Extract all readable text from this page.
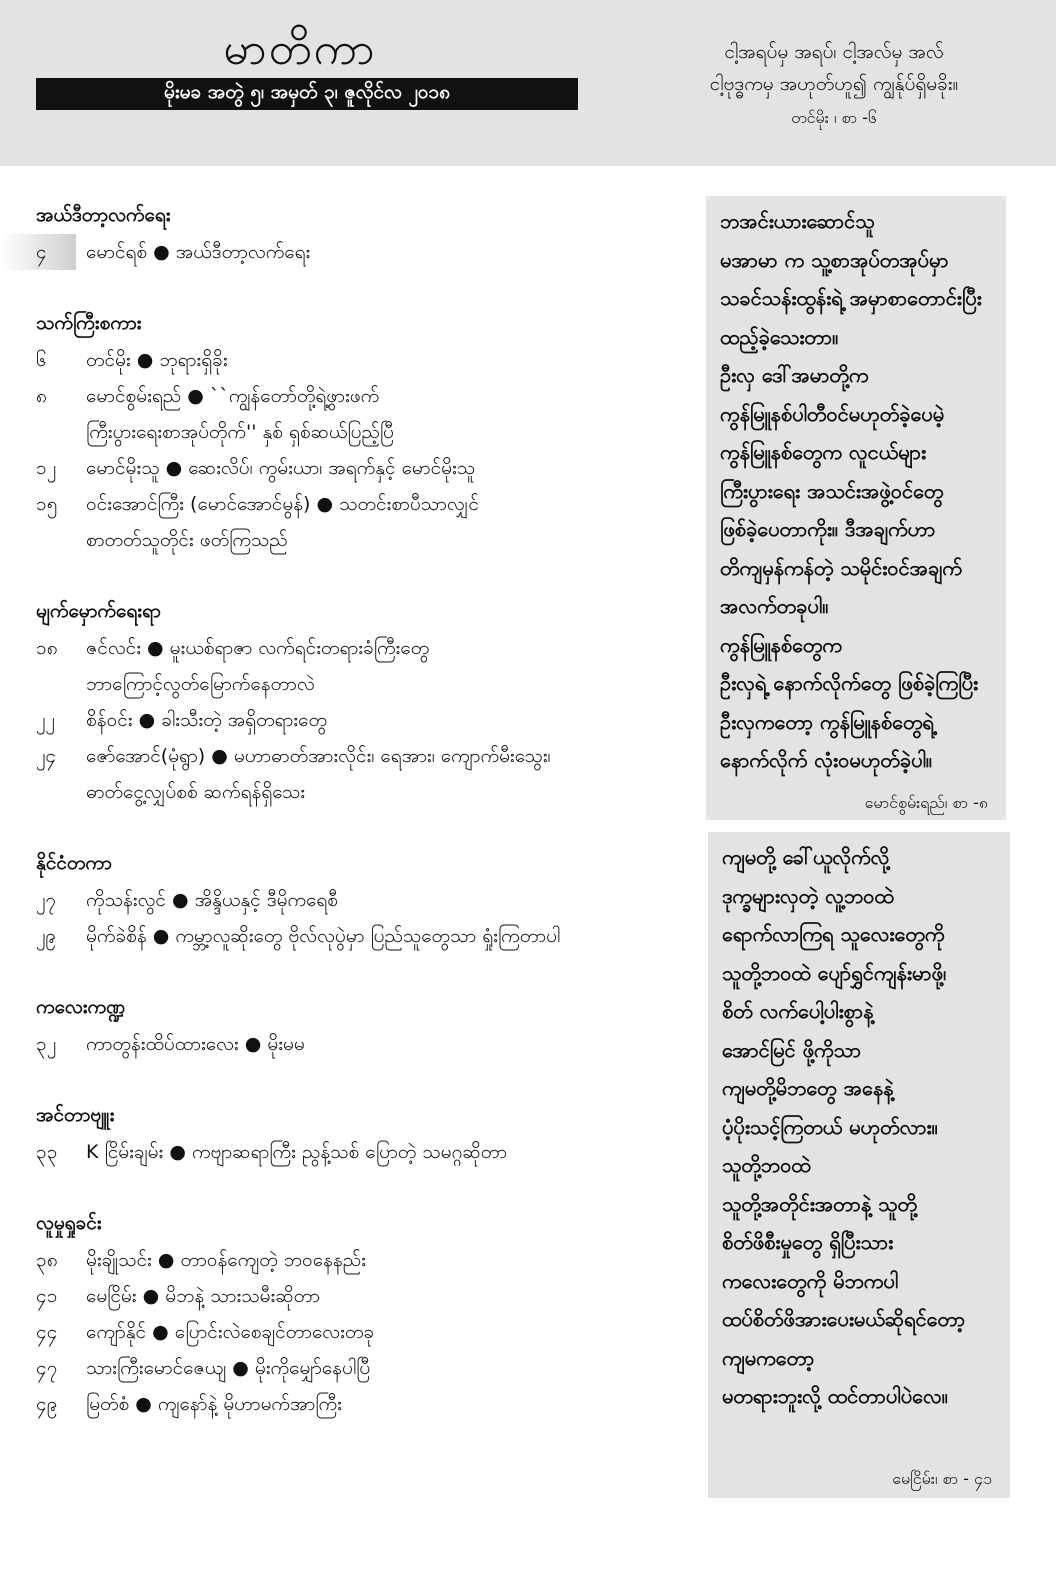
မာတိကာ
မိုးမခ အတွဲ ၅၊ အမှတ် ၃၊ ဇူလိုင်လ ၂၀၁၈
ငါ့အရပ်မှ အရပ်၊ ငါ့အလ်မှ အလ်
ငါ့ဗုဒ္ဓကမှ အဟုတ်ဟူ၍ ကျွန်ုပ်ရှိမခိုး။
တင်မိုး ၊ စာ -၆
အယ်ဒီတာ့လက်ရေး
၄	မောင်ရစ် ● အယ်ဒီတာ့လက်ရေး
သက်ကြီးစကား
၆	တင်မိုး ● ဘုရားရှိခိုး
၈	မောင်စွမ်းရည် ● ``ကျွန်တော်တို့ရဲ့ဖွားဖက်
ကြီးပွားရေးစာအုပ်တိုက်'' နှစ် ရှစ်ဆယ်ပြည့်ပြီ
၁၂	မောင်မိုးသူ ● ဆေးလိပ်၊ ကွမ်းယာ၊ အရက်နှင့် မောင်မိုးသူ
၁၅	ဝင်းအောင်ကြီး (မောင်အောင်မွန်) ● သတင်းစာပီသာလျှင်
စာတတ်သူတိုင်း ဖတ်ကြသည်
မျက်မှောက်ရေးရာ
၁၈	ဇင်လင်း ● မူးယစ်ရာဇာ လက်ရင်းတရားခံကြီးတွေ
ဘာကြောင့်လွတ်မြောက်နေတာလဲ
၂၂	စိန်ဝင်း ● ခါးသီးတဲ့ အရှိတရားတွေ
၂၄	ဇော်အောင်(မုံရွာ) ● မဟာဓာတ်အားလိုင်း၊ ရေအား၊ ကျောက်မီးသွေး၊
ဓာတ်ငွေ့လျှပ်စစ် ဆက်ရန်ရှိသေး
နိုင်ငံတကာ
၂၇	ကိုသန်းလွင် ● အိန္ဒိယနှင့် ဒီမိုကရေစီ
၂၉	မိုက်ခဲစိန် ● ကမ္ဘာ့လူဆိုးတွေ ဗိုလ်လုပွဲမှာ ပြည်သူတွေသာ ရှုံးကြတာပါ
ကလေးကဏ္ဍ
၃၂	ကာတွန်းထိပ်ထားလေး ● မိုးမမ
အင်တာဗျူး
၃၃	K ငြိမ်းချမ်း ● ကဗျာဆရာကြီး ညွန့်သစ် ပြောတဲ့ သမဂ္ဂဆိုတာ
လူမှုရှုခင်း
၃၈	မိုးချိုသင်း ● တာဝန်ကျေတဲ့ ဘဝနေနည်း
၄၁	မေငြိမ်း ● မိဘနဲ့ သားသမီးဆိုတာ
၄၄	ကျော်နိုင် ● ပြောင်းလဲစေချင်တာလေးတခု
၄၇	သားကြီးမောင်ဇေယျ ● မိုးကိုမျှော်နေပါပြီ
၄၉	မြတ်စံ ● ကျနော်နဲ့ မိုဟာမက်အာကြီး
ဘအင်းယားဆောင်သူ
မအာမာ က သူ့စာအုပ်တအုပ်မှာ
သခင်သန်းထွန်းရဲ့ အမှာစာတောင်းပြီး
ထည့်ခဲ့သေးတာ။
ဦးလှ ဒေါ်အမာတို့က
ကွန်မြူနစ်ပါတီဝင်မဟုတ်ခဲ့ပေမဲ့
ကွန်မြူနစ်တွေက လူငယ်များ
ကြီးပွားရေး အသင်းအဖွဲ့ဝင်တွေ
ဖြစ်ခဲ့ပေတာကိုး။ ဒီအချက်ဟာ
တိကျမှန်ကန်တဲ့ သမိုင်းဝင်အချက်
အလက်တခုပါ။
ကွန်မြူနစ်တွေက
ဦးလှရဲ့ နောက်လိုက်တွေ ဖြစ်ခဲ့ကြပြီး
ဦးလှကတော့ ကွန်မြူနစ်တွေရဲ့
နောက်လိုက် လုံးဝမဟုတ်ခဲ့ပါ။
မောင်စွမ်းရည်၊ စာ -၈
ကျမတို့ ခေါ်ယူလိုက်လို့
ဒုက္ခများလှတဲ့ လူ့ဘဝထဲ
ရောက်လာကြရ သူလေးတွေကို
သူတို့ဘဝထဲ ပျော်ရွှင်ကျန်းမာဖို့၊
စိတ် လက်ပေါ့ပါးစွာနဲ့
အောင်မြင် ဖို့ကိုသာ
ကျမတို့မိဘတွေ အနေနဲ့
ပံ့ပိုးသင့်ကြတယ် မဟုတ်လား။
သူတို့ဘဝထဲ
သူတို့အတိုင်းအတာနဲ့ သူတို့
စိတ်ဖိစီးမှုတွေ ရှိပြီးသား
ကလေးတွေကို မိဘကပါ
ထပ်စိတ်ဖိအားပေးမယ်ဆိုရင်တော့
ကျမကတော့
မတရားဘူးလို့ ထင်တာပါပဲလေ။
မေငြိမ်း၊ စာ - ၄၁
